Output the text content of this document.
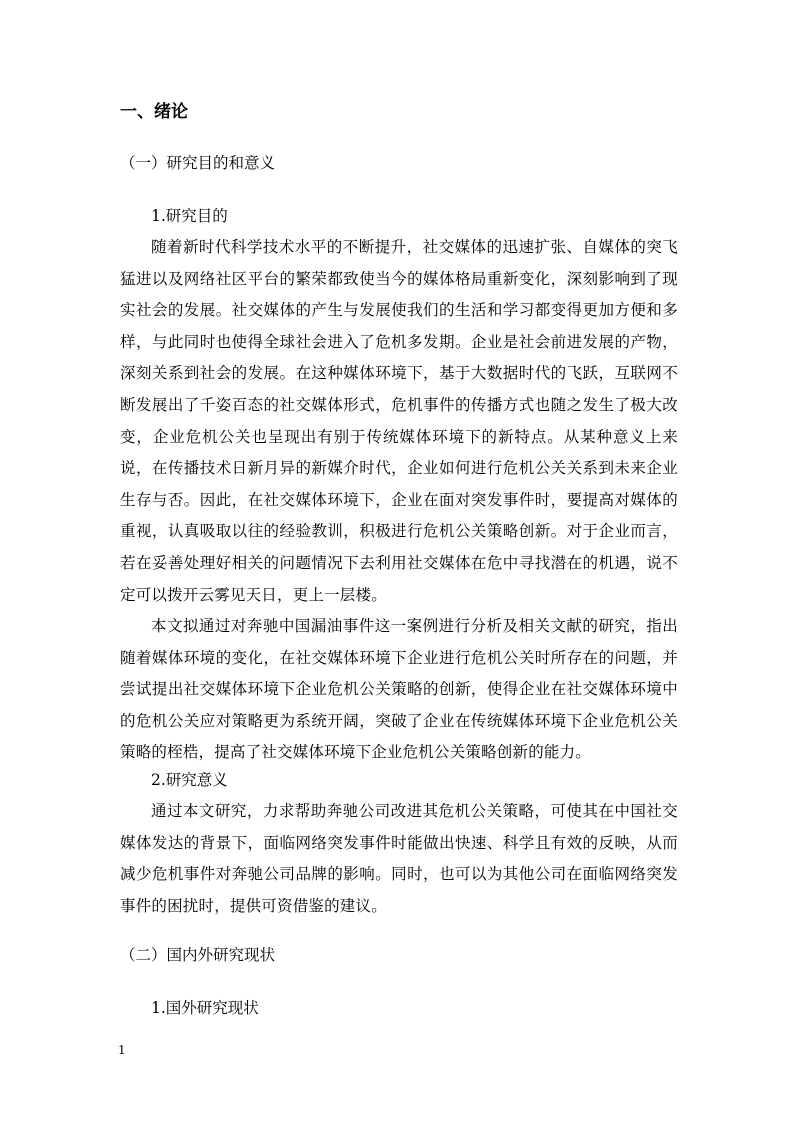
一、绪论
（一）研究目的和意义
1.研究目的

随着新时代科学技术水平的不断提升，社交媒体的迅速扩张、自媒体的突飞猛进以及网络社区平台的繁荣都致使当今的媒体格局重新变化，深刻影响到了现实社会的发展。社交媒体的产生与发展使我们的生活和学习都变得更加方便和多样，与此同时也使得全球社会进入了危机多发期。企业是社会前进发展的产物，深刻关系到社会的发展。在这种媒体环境下，基于大数据时代的飞跃，互联网不断发展出了千姿百态的社交媒体形式，危机事件的传播方式也随之发生了极大改变，企业危机公关也呈现出有别于传统媒体环境下的新特点。从某种意义上来说，在传播技术日新月异的新媒介时代，企业如何进行危机公关关系到未来企业生存与否。因此，在社交媒体环境下，企业在面对突发事件时，要提高对媒体的重视，认真吸取以往的经验教训，积极进行危机公关策略创新。对于企业而言，若在妥善处理好相关的问题情况下去利用社交媒体在危中寻找潜在的机遇，说不定可以拨开云雾见天日，更上一层楼。

本文拟通过对奔驰中国漏油事件这一案例进行分析及相关文献的研究，指出随着媒体环境的变化，在社交媒体环境下企业进行危机公关时所存在的问题，并尝试提出社交媒体环境下企业危机公关策略的创新，使得企业在社交媒体环境中的危机公关应对策略更为系统开阔，突破了企业在传统媒体环境下企业危机公关策略的桎梏，提高了社交媒体环境下企业危机公关策略创新的能力。

2.研究意义

通过本文研究，力求帮助奔驰公司改进其危机公关策略，可使其在中国社交媒体发达的背景下，面临网络突发事件时能做出快速、科学且有效的反映，从而减少危机事件对奔驰公司品牌的影响。同时，也可以为其他公司在面临网络突发事件的困扰时，提供可资借鉴的建议。

（二）国内外研究现状
1.国外研究现状
1
